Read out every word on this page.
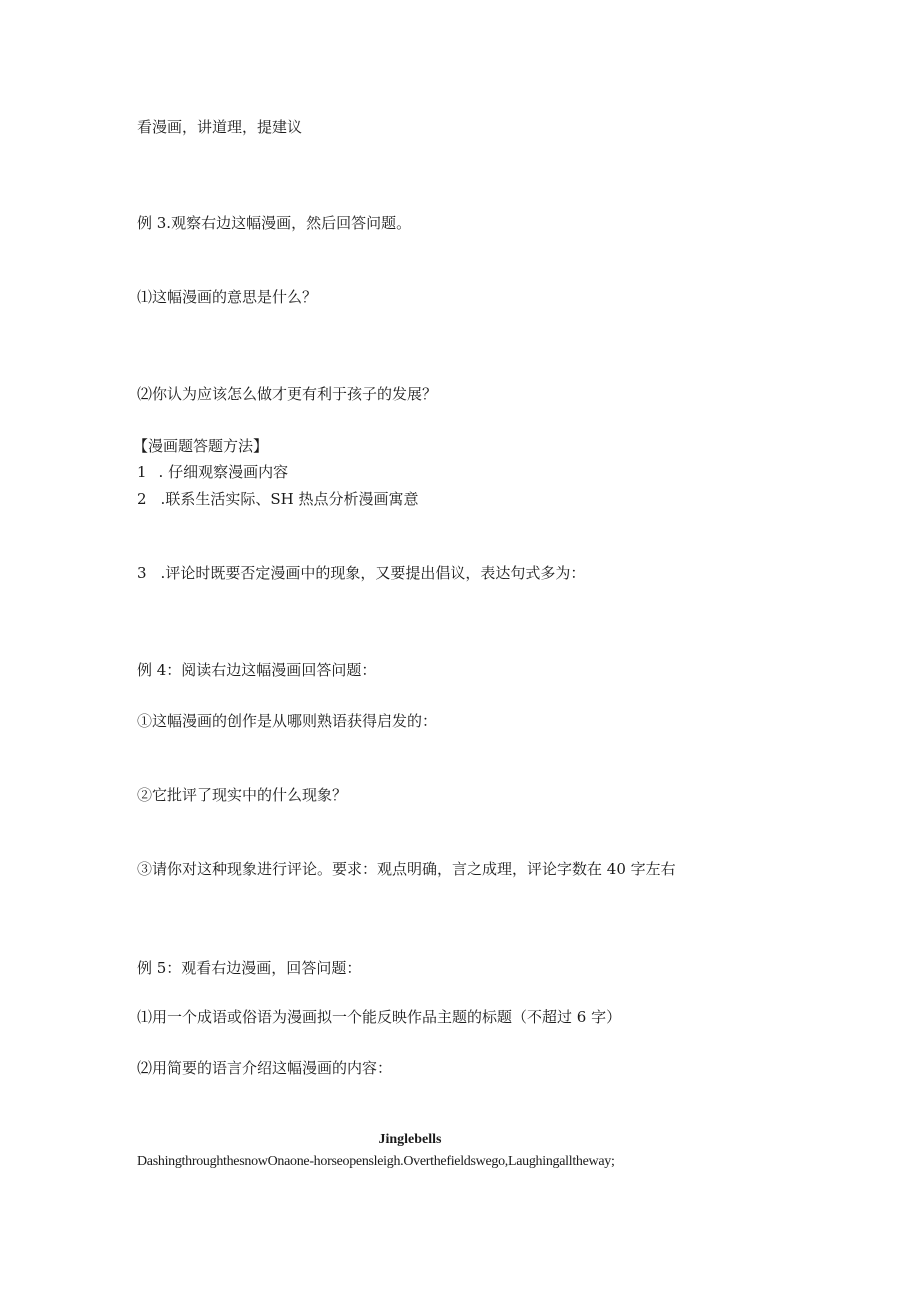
看漫画，讲道理，提建议
例 3.观察右边这幅漫画，然后回答问题。
⑴这幅漫画的意思是什么？
⑵你认为应该怎么做才更有利于孩子的发展？
【漫画题答题方法】
1 . 仔细观察漫画内容
2 .联系生活实际、SH 热点分析漫画寓意
3 .评论时既要否定漫画中的现象，又要提出倡议，表达句式多为：
例 4：阅读右边这幅漫画回答问题：
①这幅漫画的创作是从哪则熟语获得启发的：
②它批评了现实中的什么现象？
③请你对这种现象进行评论。要求：观点明确，言之成理，评论字数在 40 字左右
例 5：观看右边漫画，回答问题：
⑴用一个成语或俗语为漫画拟一个能反映作品主题的标题（不超过 6 字）
⑵用简要的语言介绍这幅漫画的内容：
Jinglebells
DashingthroughthesnowOnaone-horseopensleigh.Overthefieldswego,Laughingalltheway;
